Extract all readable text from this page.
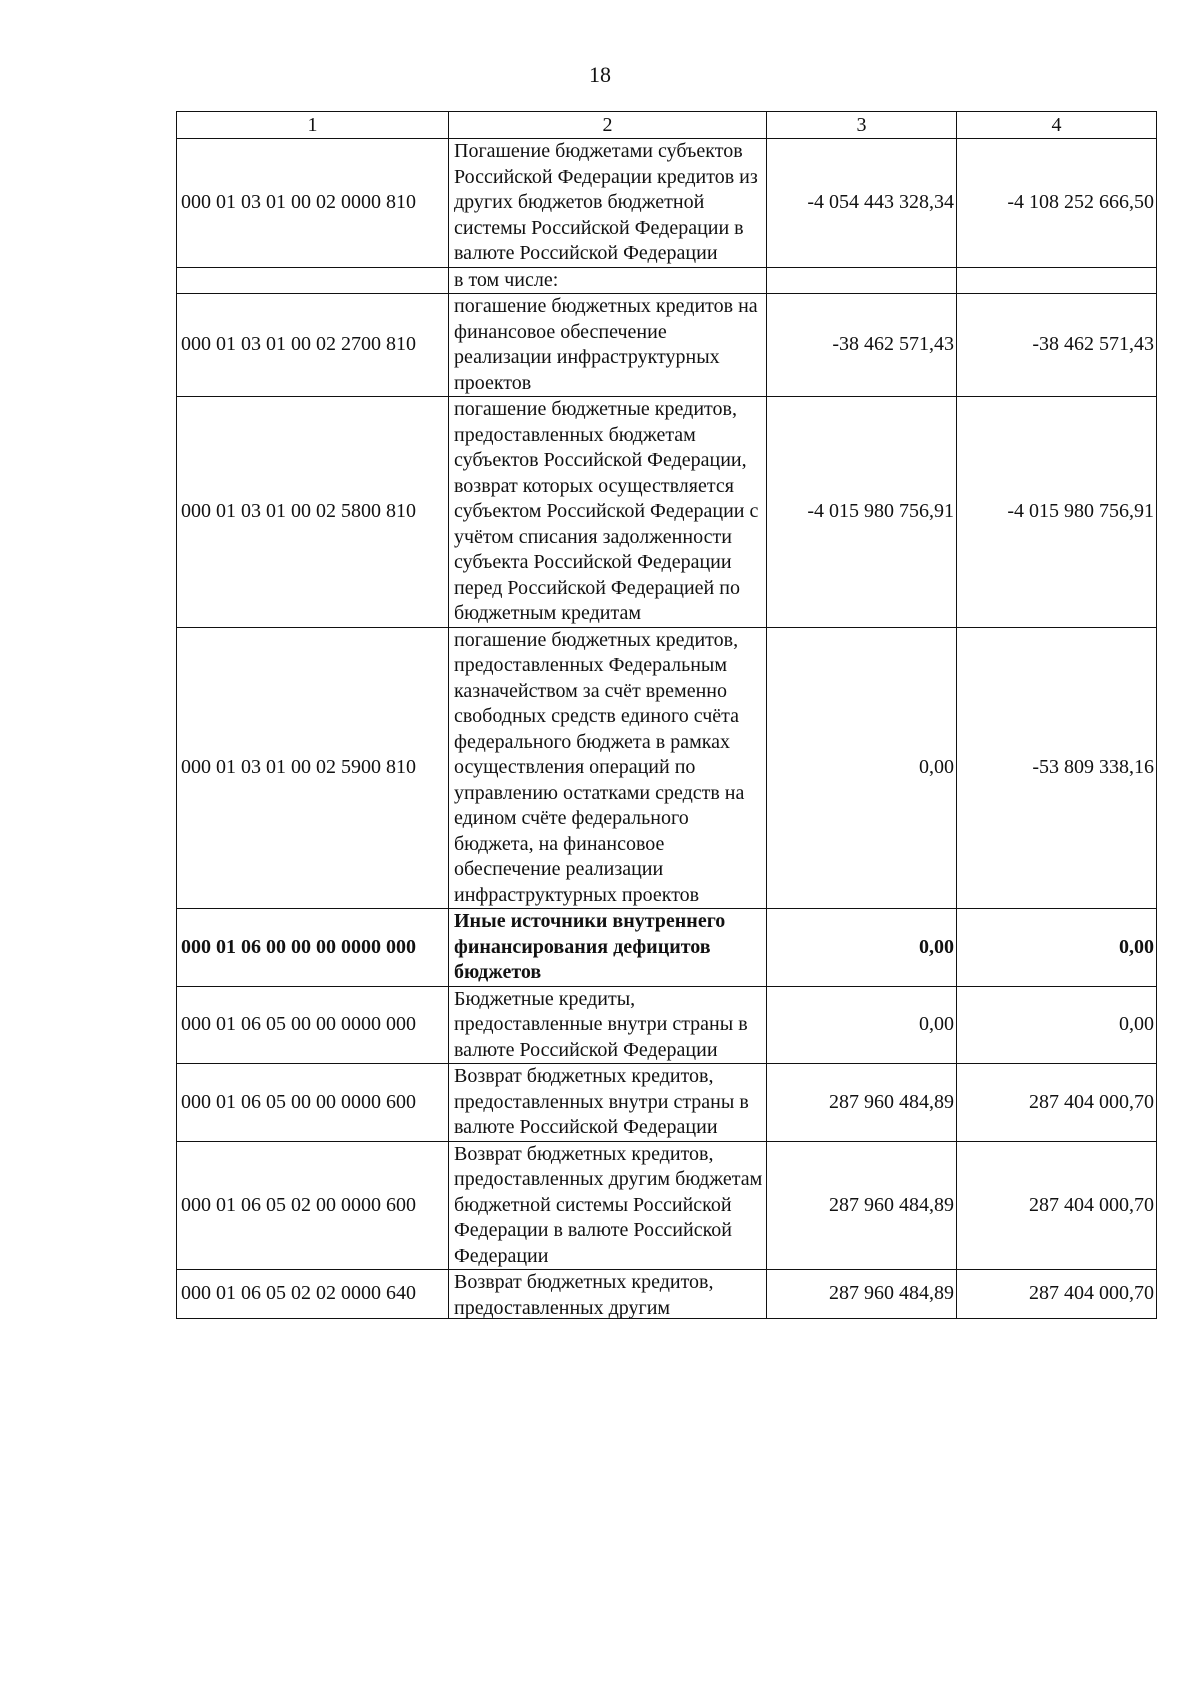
18
1	2	3	4
000 01 03 01 00 02 0000 810	Погашение бюджетами субъектов Российской Федерации кредитов из других бюджетов бюджетной системы Российской Федерации в валюте Российской Федерации	-4 054 443 328,34	-4 108 252 666,50
	в том числе:		
000 01 03 01 00 02 2700 810	погашение бюджетных кредитов на финансовое обеспечение реализации инфраструктурных проектов	-38 462 571,43	-38 462 571,43
000 01 03 01 00 02 5800 810	погашение бюджетные кредитов, предоставленных бюджетам субъектов Российской Федерации, возврат которых осуществляется субъектом Российской Федерации с учётом списания задолженности субъекта Российской Федерации перед Российской Федерацией по бюджетным кредитам	-4 015 980 756,91	-4 015 980 756,91
000 01 03 01 00 02 5900 810	погашение бюджетных кредитов, предоставленных Федеральным казначейством за счёт временно свободных средств единого счёта федерального бюджета в рамках осуществления операций по управлению остатками средств на едином счёте федерального бюджета, на финансовое обеспечение реализации инфраструктурных проектов	0,00	-53 809 338,16
000 01 06 00 00 00 0000 000	Иные источники внутреннего финансирования дефицитов бюджетов	0,00	0,00
000 01 06 05 00 00 0000 000	Бюджетные кредиты, предоставленные внутри страны в валюте Российской Федерации	0,00	0,00
000 01 06 05 00 00 0000 600	Возврат бюджетных кредитов, предоставленных внутри страны в валюте Российской Федерации	287 960 484,89	287 404 000,70
000 01 06 05 02 00 0000 600	Возврат бюджетных кредитов, предоставленных другим бюджетам бюджетной системы Российской Федерации в валюте Российской Федерации	287 960 484,89	287 404 000,70
000 01 06 05 02 02 0000 640	Возврат бюджетных кредитов, предоставленных другим	287 960 484,89	287 404 000,70
